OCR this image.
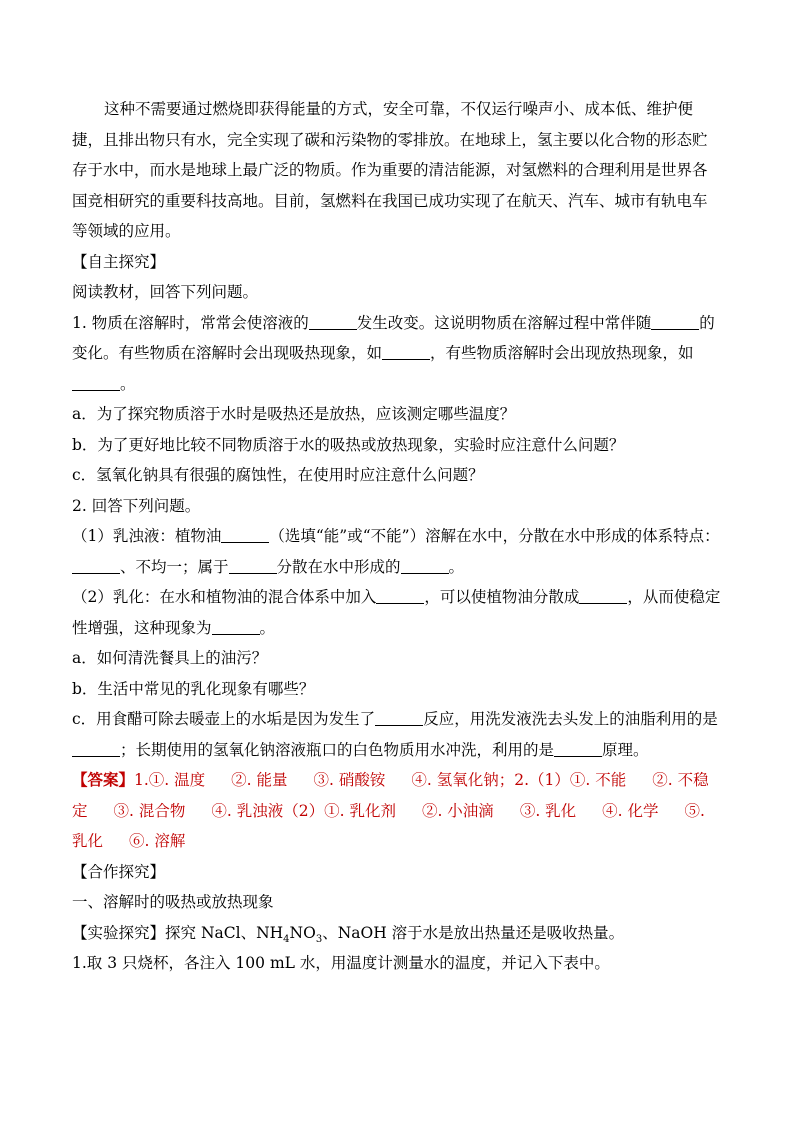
这种不需要通过燃烧即获得能量的方式，安全可靠，不仅运行噪声小、成本低、维护便捷，且排出物只有水，完全实现了碳和污染物的零排放。在地球上，氢主要以化合物的形态贮存于水中，而水是地球上最广泛的物质。作为重要的清洁能源，对氢燃料的合理利用是世界各国竞相研究的重要科技高地。目前，氢燃料在我国已成功实现了在航天、汽车、城市有轨电车等领域的应用。

【自主探究】

阅读教材，回答下列问题。

1. 物质在溶解时，常常会使溶液的	发生改变。这说明物质在溶解过程中常伴随	的变化。有些物质在溶解时会出现吸热现象，如	，有些物质溶解时会出现放热现象，如。

a．为了探究物质溶于水时是吸热还是放热，应该测定哪些温度？

b．为了更好地比较不同物质溶于水的吸热或放热现象，实验时应注意什么问题？

c．氢氧化钠具有很强的腐蚀性，在使用时应注意什么问题？

2. 回答下列问题。

（1）乳浊液：植物油	（选填“能”或“不能”）溶解在水中，分散在水中形成的体系特点：、不均一；属于	分散在水中形成的	。

（2）乳化：在水和植物油的混合体系中加入	，可以使植物油分散成	，从而使稳定性增强，这种现象为	。

a．如何清洗餐具上的油污？

b．生活中常见的乳化现象有哪些？

c．用食醋可除去暖壶上的水垢是因为发生了	反应，用洗发液洗去头发上的油脂利用的是；长期使用的氢氧化钠溶液瓶口的白色物质用水冲洗，利用的是	原理。

【答案】1.①. 温度 ②. 能量 ③. 硝酸铵 ④. 氢氧化钠；2.（1）①. 不能 ②. 不稳定 ③. 混合物 ④. 乳浊液（2）①. 乳化剂 ②. 小油滴 ③. 乳化 ④. 化学 ⑤. 乳化 ⑥. 溶解

【合作探究】

一、溶解时的吸热或放热现象

【实验探究】探究 NaCl、$NH_4NO_3$、NaOH 溶于水是放出热量还是吸收热量。

1.取 3 只烧杯，各注入 100 mL 水，用温度计测量水的温度，并记入下表中。
